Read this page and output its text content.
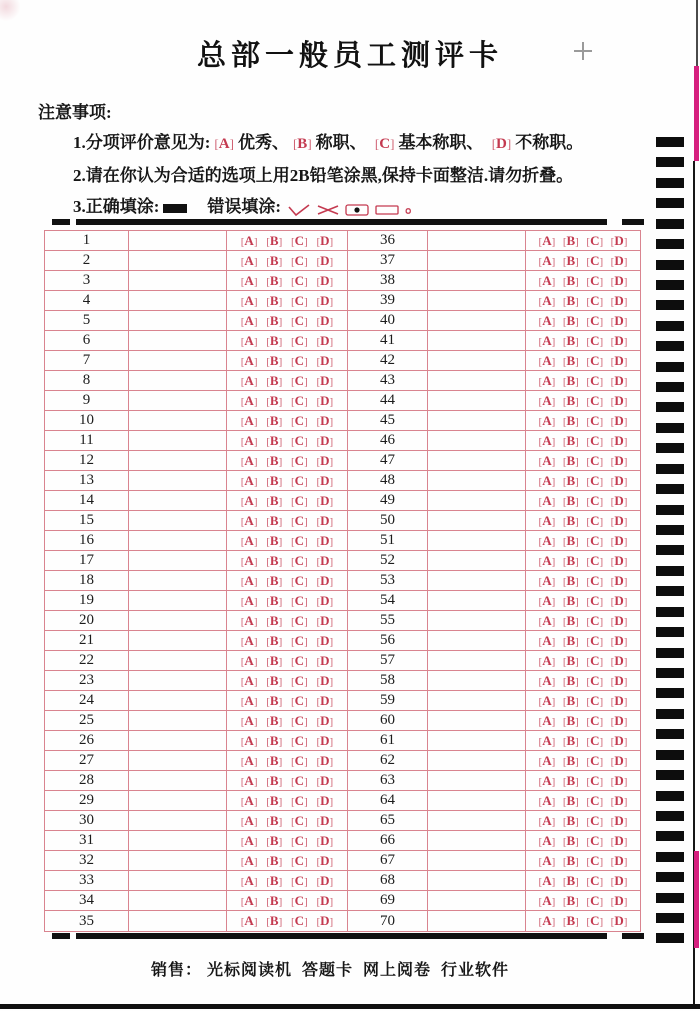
总部一般员工测评卡
注意事项:
1.分项评价意见为: [A] 优秀、 [B] 称职、 [C] 基本称职、 [D] 不称职。
2.请在你认为合适的选项上用2B铅笔涂黑,保持卡面整洁.请勿折叠。
3.正确填涂:	错误填涂:	。
1	[A] [B] [C] [D]	36	[A] [B] [C] [D]
2	[A] [B] [C] [D]	37	[A] [B] [C] [D]
3	[A] [B] [C] [D]	38	[A] [B] [C] [D]
4	[A] [B] [C] [D]	39	[A] [B] [C] [D]
5	[A] [B] [C] [D]	40	[A] [B] [C] [D]
6	[A] [B] [C] [D]	41	[A] [B] [C] [D]
7	[A] [B] [C] [D]	42	[A] [B] [C] [D]
8	[A] [B] [C] [D]	43	[A] [B] [C] [D]
9	[A] [B] [C] [D]	44	[A] [B] [C] [D]
10	[A] [B] [C] [D]	45	[A] [B] [C] [D]
11	[A] [B] [C] [D]	46	[A] [B] [C] [D]
12	[A] [B] [C] [D]	47	[A] [B] [C] [D]
13	[A] [B] [C] [D]	48	[A] [B] [C] [D]
14	[A] [B] [C] [D]	49	[A] [B] [C] [D]
15	[A] [B] [C] [D]	50	[A] [B] [C] [D]
16	[A] [B] [C] [D]	51	[A] [B] [C] [D]
17	[A] [B] [C] [D]	52	[A] [B] [C] [D]
18	[A] [B] [C] [D]	53	[A] [B] [C] [D]
19	[A] [B] [C] [D]	54	[A] [B] [C] [D]
20	[A] [B] [C] [D]	55	[A] [B] [C] [D]
21	[A] [B] [C] [D]	56	[A] [B] [C] [D]
22	[A] [B] [C] [D]	57	[A] [B] [C] [D]
23	[A] [B] [C] [D]	58	[A] [B] [C] [D]
24	[A] [B] [C] [D]	59	[A] [B] [C] [D]
25	[A] [B] [C] [D]	60	[A] [B] [C] [D]
26	[A] [B] [C] [D]	61	[A] [B] [C] [D]
27	[A] [B] [C] [D]	62	[A] [B] [C] [D]
28	[A] [B] [C] [D]	63	[A] [B] [C] [D]
29	[A] [B] [C] [D]	64	[A] [B] [C] [D]
30	[A] [B] [C] [D]	65	[A] [B] [C] [D]
31	[A] [B] [C] [D]	66	[A] [B] [C] [D]
32	[A] [B] [C] [D]	67	[A] [B] [C] [D]
33	[A] [B] [C] [D]	68	[A] [B] [C] [D]
34	[A] [B] [C] [D]	69	[A] [B] [C] [D]
35	[A] [B] [C] [D]	70	[A] [B] [C] [D]
销售： 光标阅读机  答题卡  网上阅卷  行业软件
